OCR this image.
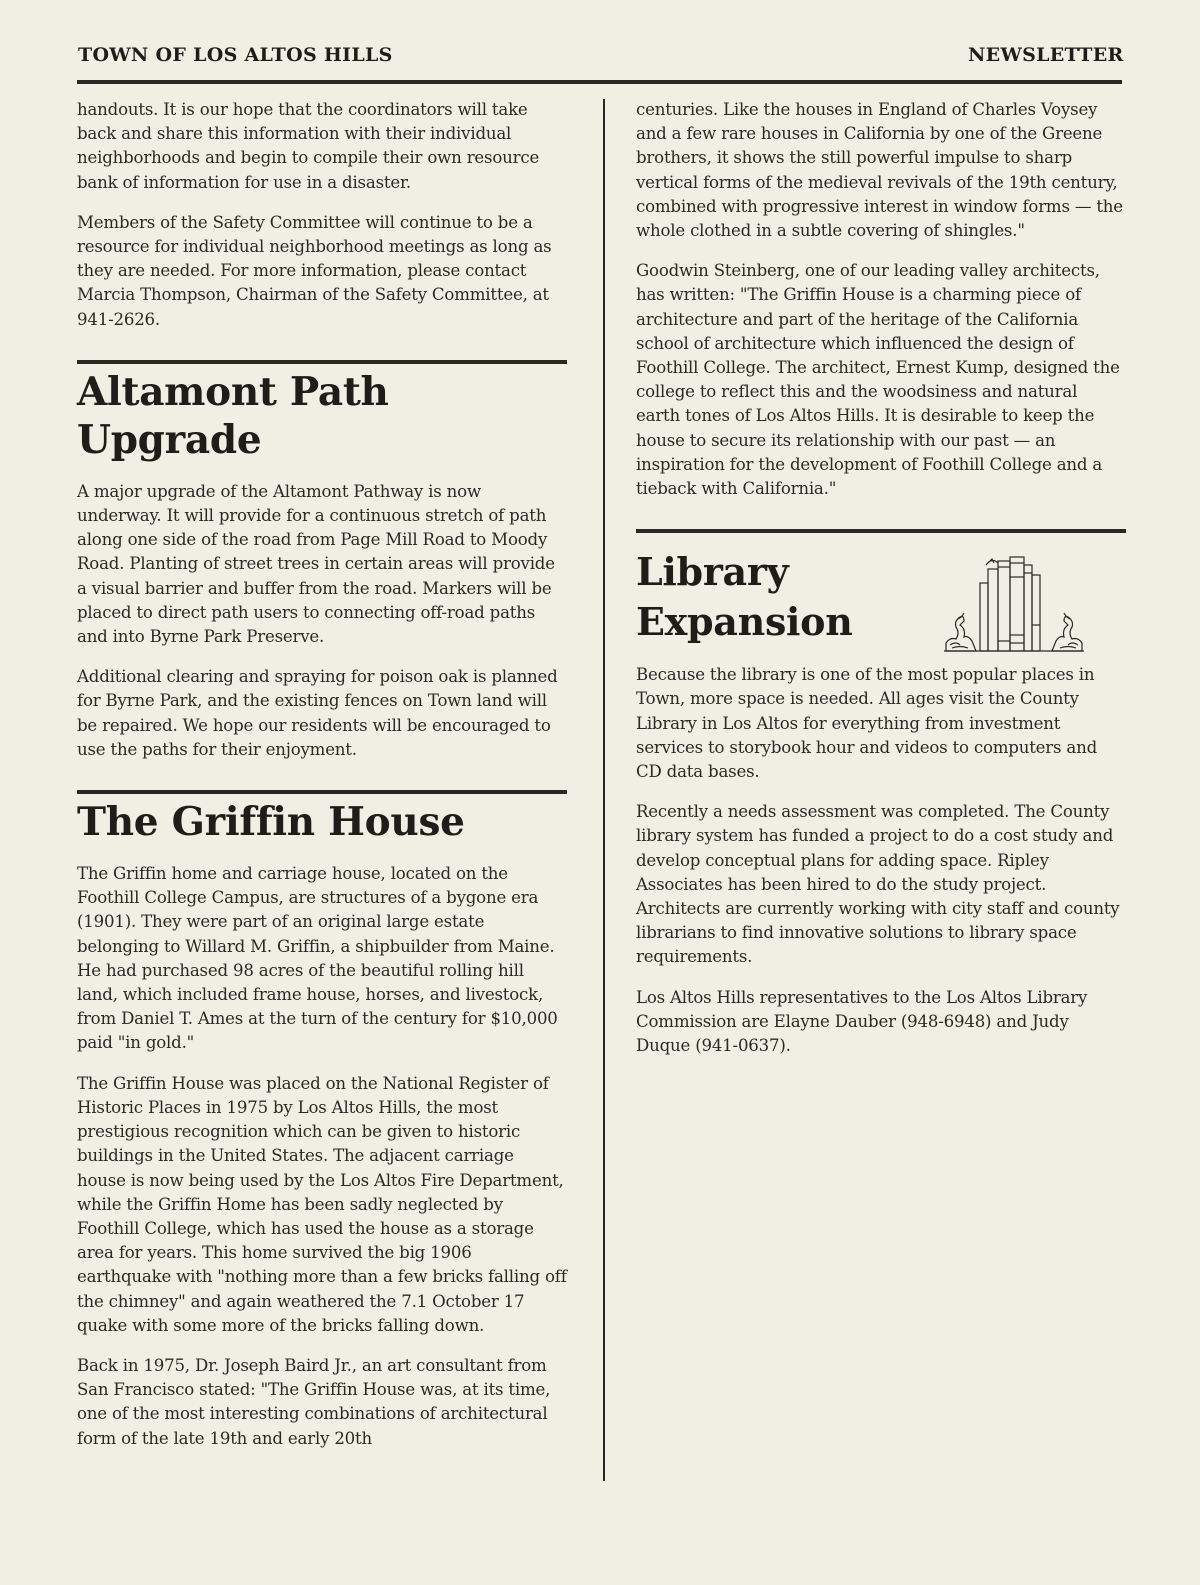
TOWN OF LOS ALTOS HILLS	NEWSLETTER

handouts. It is our hope that the coordinators will take back and share this information with their individual neighborhoods and begin to compile their own resource bank of information for use in a disaster.

Members of the Safety Committee will continue to be a resource for individual neighborhood meetings as long as they are needed. For more information, please contact Marcia Thompson, Chairman of the Safety Committee, at 941-2626.

Altamont Path Upgrade

A major upgrade of the Altamont Pathway is now underway. It will provide for a continuous stretch of path along one side of the road from Page Mill Road to Moody Road. Planting of street trees in certain areas will provide a visual barrier and buffer from the road. Markers will be placed to direct path users to connecting off-road paths and into Byrne Park Preserve.

Additional clearing and spraying for poison oak is planned for Byrne Park, and the existing fences on Town land will be repaired. We hope our residents will be encouraged to use the paths for their enjoyment.

The Griffin House

The Griffin home and carriage house, located on the Foothill College Campus, are structures of a bygone era (1901). They were part of an original large estate belonging to Willard M. Griffin, a shipbuilder from Maine. He had purchased 98 acres of the beautiful rolling hill land, which included frame house, horses, and livestock, from Daniel T. Ames at the turn of the century for $10,000 paid "in gold."

The Griffin House was placed on the National Register of Historic Places in 1975 by Los Altos Hills, the most prestigious recognition which can be given to historic buildings in the United States. The adjacent carriage house is now being used by the Los Altos Fire Department, while the Griffin Home has been sadly neglected by Foothill College, which has used the house as a storage area for years. This home survived the big 1906 earthquake with "nothing more than a few bricks falling off the chimney" and again weathered the 7.1 October 17 quake with some more of the bricks falling down.

Back in 1975, Dr. Joseph Baird Jr., an art consultant from San Francisco stated: "The Griffin House was, at its time, one of the most interesting combinations of architectural form of the late 19th and early 20th

centuries. Like the houses in England of Charles Voysey and a few rare houses in California by one of the Greene brothers, it shows the still powerful impulse to sharp vertical forms of the medieval revivals of the 19th century, combined with progressive interest in window forms — the whole clothed in a subtle covering of shingles."

Goodwin Steinberg, one of our leading valley architects, has written: "The Griffin House is a charming piece of architecture and part of the heritage of the California school of architecture which influenced the design of Foothill College. The architect, Ernest Kump, designed the college to reflect this and the woodsiness and natural earth tones of Los Altos Hills. It is desirable to keep the house to secure its relationship with our past — an inspiration for the development of Foothill College and a tieback with California."

Library
Expansion

Because the library is one of the most popular places in Town, more space is needed. All ages visit the County Library in Los Altos for everything from investment services to storybook hour and videos to computers and CD data bases.

Recently a needs assessment was completed. The County library system has funded a project to do a cost study and develop conceptual plans for adding space. Ripley Associates has been hired to do the study project. Architects are currently working with city staff and county librarians to find innovative solutions to library space requirements.

Los Altos Hills representatives to the Los Altos Library Commission are Elayne Dauber (948-6948) and Judy Duque (941-0637).
